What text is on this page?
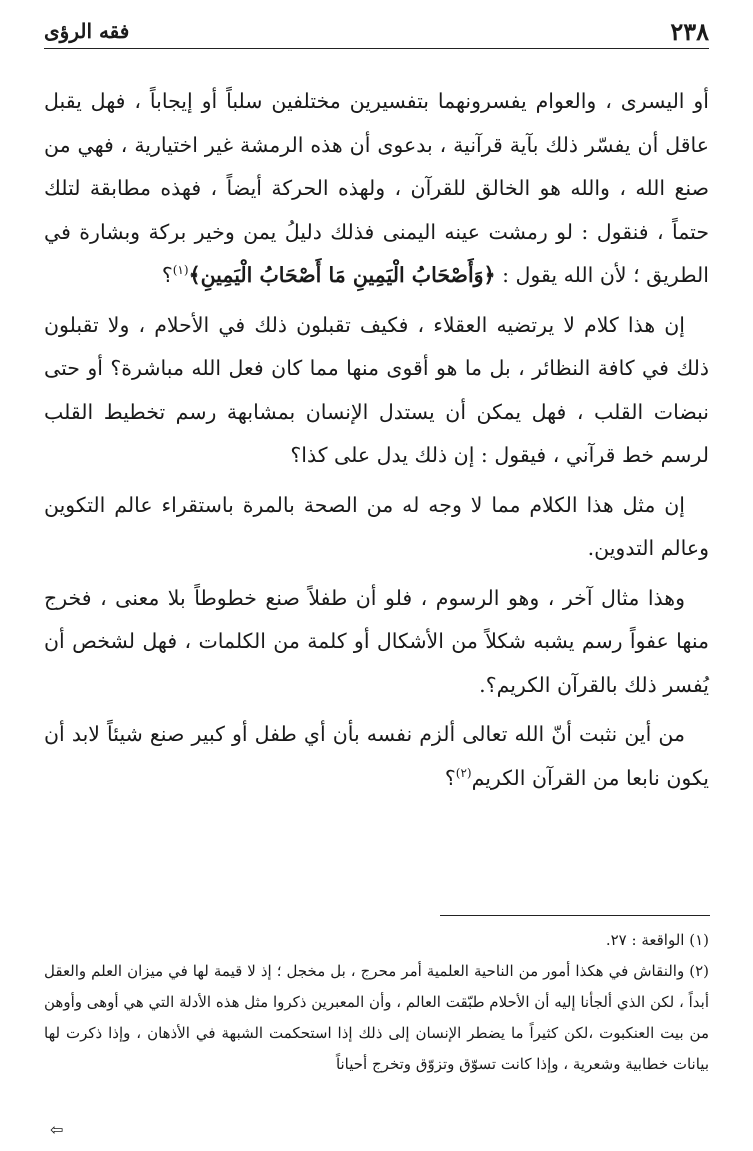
٢٣٨
فقه الرؤى

أو اليسرى ، والعوام يفسرونهما بتفسيرين مختلفين سلباً أو إيجاباً ، فهل يقبل عاقل أن يفسّر ذلك بآية قرآنية ، بدعوى أن هذه الرمشة غير اختيارية ، فهي من صنع الله ، والله هو الخالق للقرآن ، ولهذه الحركة أيضاً ، فهذه مطابقة لتلك حتماً ، فنقول : لو رمشت عينه اليمنى فذلك دليلُ يمن وخير بركة وبشارة في الطريق ؛ لأن الله يقول : ﴿وَأَصْحَابُ الْيَمِينِ مَا أَصْحَابُ الْيَمِينِ﴾$^{(١)}$؟

إن هذا كلام لا يرتضيه العقلاء ، فكيف تقبلون ذلك في الأحلام ، ولا تقبلون ذلك في كافة النظائر ، بل ما هو أقوى منها مما كان فعل الله مباشرة؟ أو حتى نبضات القلب ، فهل يمكن أن يستدل الإنسان بمشابهة رسم تخطيط القلب لرسم خط قرآني ، فيقول : إن ذلك يدل على كذا؟

إن مثل هذا الكلام مما لا وجه له من الصحة بالمرة باستقراء عالم التكوين وعالم التدوين.

وهذا مثال آخر ، وهو الرسوم ، فلو أن طفلاً صنع خطوطاً بلا معنى ، فخرج منها عفواً رسم يشبه شكلاً من الأشكال أو كلمة من الكلمات ، فهل لشخص أن يُفسر ذلك بالقرآن الكريم؟.

من أين نثبت أنّ الله تعالى ألزم نفسه بأن أي طفل أو كبير صنع شيئاً لابد أن يكون نابعا من القرآن الكريم$^{(٢)}$؟

(١) الواقعة : ٢٧.

(٢) والنقاش في هكذا أمور من الناحية العلمية أمر محرج ، بل مخجل ؛ إذ لا قيمة لها في ميزان العلم والعقل أبداً ، لكن الذي ألجأنا إليه أن الأحلام طبّقت العالم ، وأن المعبرين ذكروا مثل هذه الأدلة التي هي أوهى وأوهن من بيت العنكبوت ،لكن كثيراً ما يضطر الإنسان إلى ذلك إذا استحكمت الشبهة في الأذهان ، وإذا ذكرت لها بيانات خطابية وشعرية ، وإذا كانت تسوّق وتزوّق وتخرج أحياناً

⇦
